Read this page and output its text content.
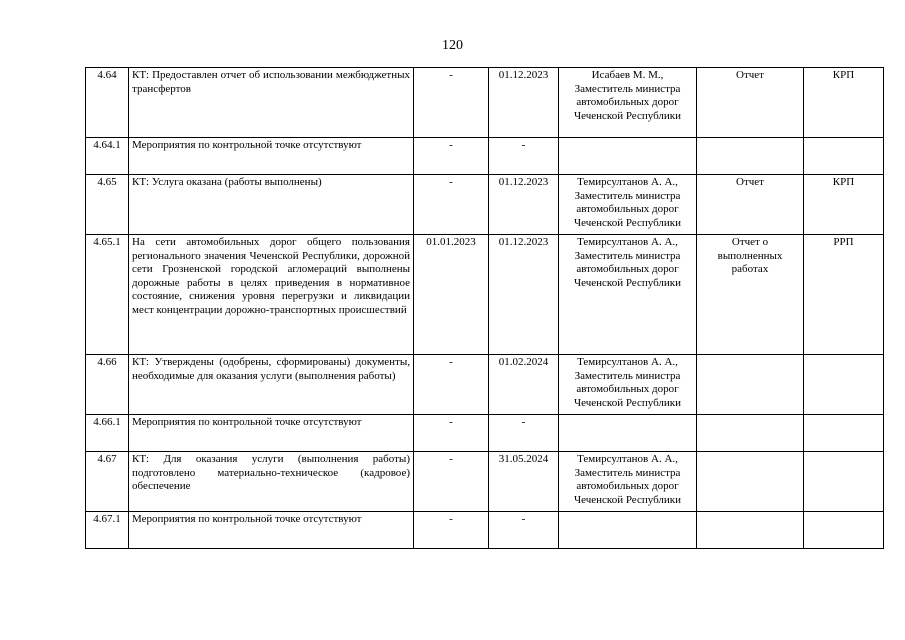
120
4.64	КТ: Предоставлен отчет об использовании межбюджетных трансфертов	-	01.12.2023	Исабаев М. М., Заместитель министра автомобильных дорог Чеченской Республики	Отчет	КРП
4.64.1	Мероприятия по контрольной точке отсутствуют	-	-			
4.65	КТ: Услуга оказана (работы выполнены)	-	01.12.2023	Темирсултанов А. А., Заместитель министра автомобильных дорог Чеченской Республики	Отчет	КРП
4.65.1	На сети автомобильных дорог общего пользования регионального значения Чеченской Республики, дорожной сети Грозненской городской агломераций выполнены дорожные работы в целях приведения в нормативное состояние, снижения уровня перегрузки и ликвидации мест концентрации дорожно-транспортных происшествий	01.01.2023	01.12.2023	Темирсултанов А. А., Заместитель министра автомобильных дорог Чеченской Республики	Отчет о выполненных работах	РРП
4.66	КТ: Утверждены (одобрены, сформированы) документы, необходимые для оказания услуги (выполнения работы)	-	01.02.2024	Темирсултанов А. А., Заместитель министра автомобильных дорог Чеченской Республики		
4.66.1	Мероприятия по контрольной точке отсутствуют	-	-			
4.67	КТ: Для оказания услуги (выполнения работы) подготовлено материально-техническое (кадровое) обеспечение	-	31.05.2024	Темирсултанов А. А., Заместитель министра автомобильных дорог Чеченской Республики		
4.67.1	Мероприятия по контрольной точке отсутствуют	-	-			
